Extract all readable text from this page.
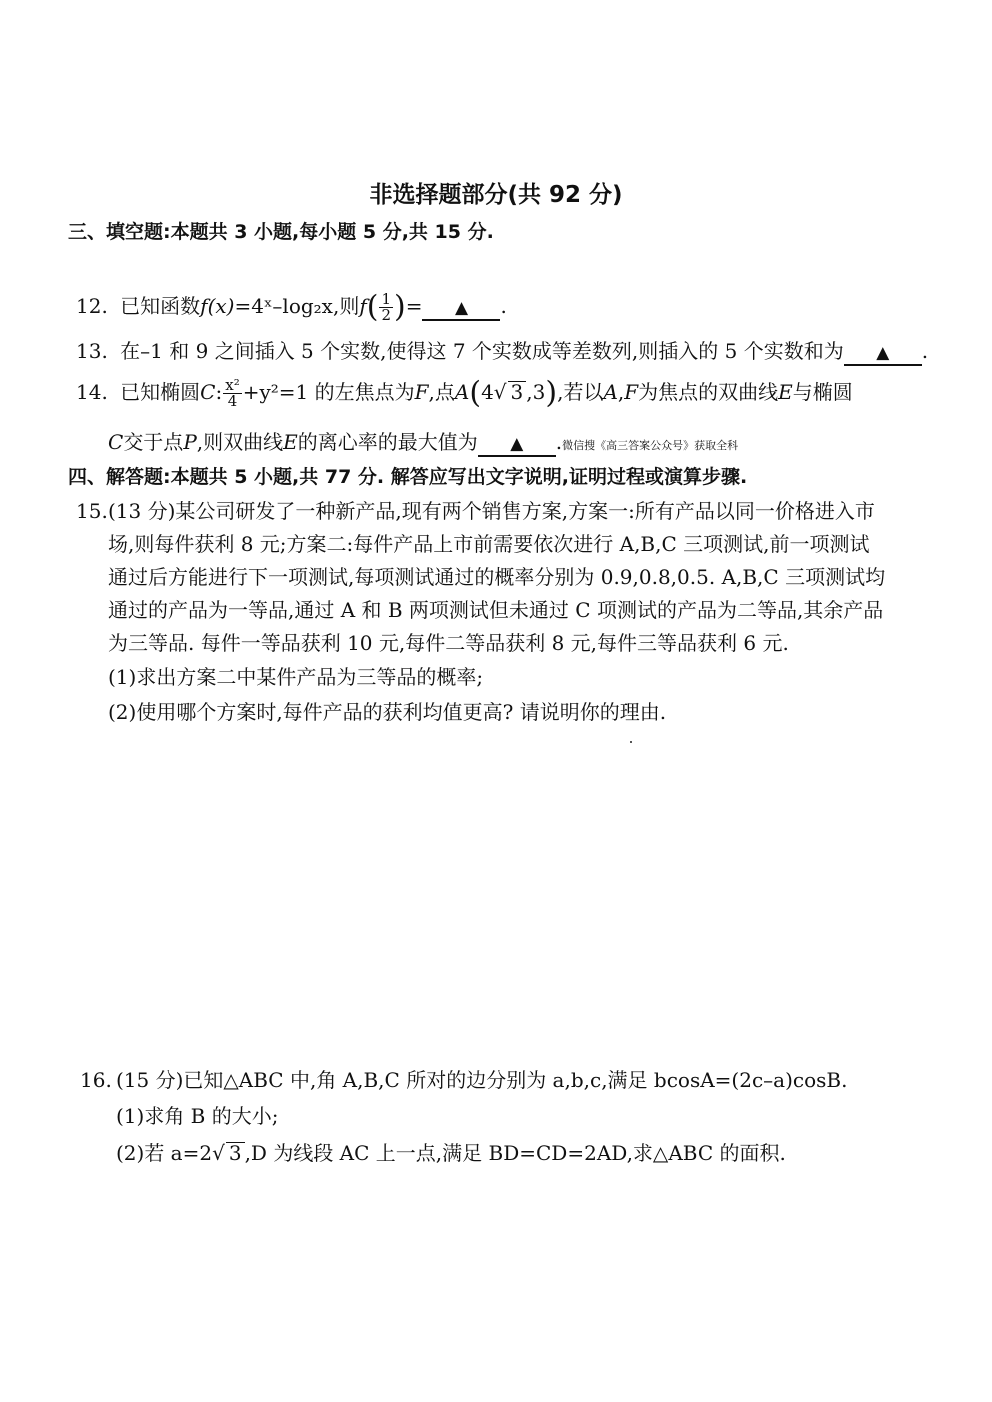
非选择题部分(共 92 分)
三、填空题:本题共 3 小题,每小题 5 分,共 15 分.
12. 已知函数f(x)=4ˣ–log₂x,则$f( \frac{1}{2}$ )= ▲	.
13. 在–1 和 9 之间插入 5 个实数,使得这 7 个实数成等差数列,则插入的 5 个实数和为 ▲	.
14. 已知椭圆C: $\frac{\text{x²}}{4} +y^2=1$ 的左焦点为F,点A(4√ 3 ,3),若以A,F为焦点的双曲线E与椭圆
C交于点P,则双曲线E的离心率的最大值为 ▲	.微信搜《高三答案公众号》获取全科
四、解答题:本题共 5 小题,共 77 分. 解答应写出文字说明,证明过程或演算步骤.
15. (13 分)某公司研发了一种新产品,现有两个销售方案,方案一:所有产品以同一价格进入市
场,则每件获利 8 元;方案二:每件产品上市前需要依次进行 A,B,C 三项测试,前一项测试
通过后方能进行下一项测试,每项测试通过的概率分别为 0.9,0.8,0.5. A,B,C 三项测试均
通过的产品为一等品,通过 A 和 B 两项测试但未通过 C 项测试的产品为二等品,其余产品
为三等品. 每件一等品获利 10 元,每件二等品获利 8 元,每件三等品获利 6 元.
(1)求出方案二中某件产品为三等品的概率;
(2)使用哪个方案时,每件产品的获利均值更高? 请说明你的理由.
16. (15 分)已知△ABC 中,角 A,B,C 所对的边分别为 a,b,c,满足 bcosA=(2c–a)cosB.
(1)求角 B 的大小;
(2)若 a=2√ 3 ,D 为线段 AC 上一点,满足 BD=CD=2AD,求△ABC 的面积.
